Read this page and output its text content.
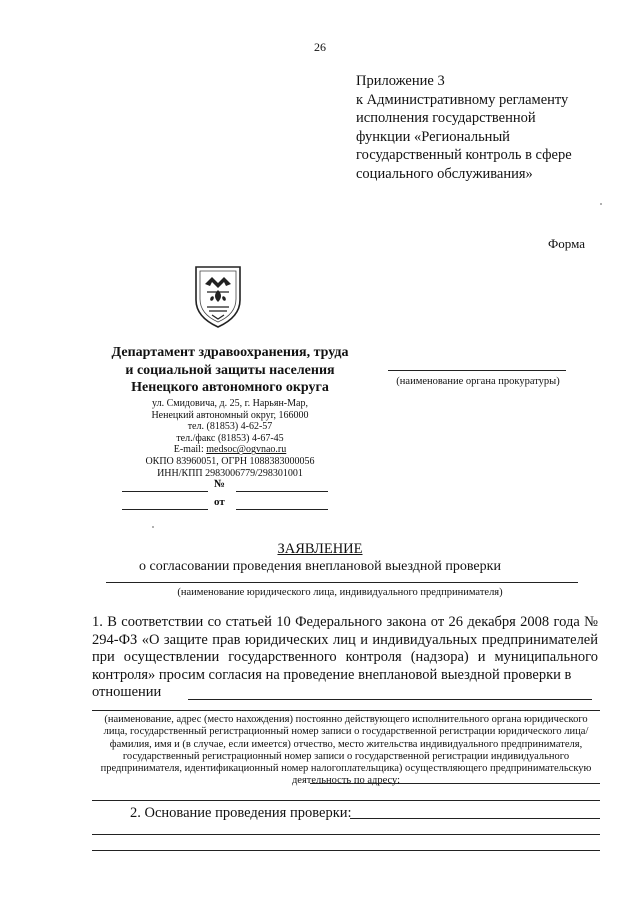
26
Приложение 3
к Административному регламенту
исполнения государственной
функции «Региональный
государственный контроль в сфере
социального обслуживания»
Форма
Департамент здравоохранения, труда
и социальной защиты населения
Ненецкого автономного округа
ул. Смидовича, д. 25, г. Нарьян-Мар,
Ненецкий автономный округ, 166000
тел. (81853) 4-62-57
тел./факс (81853) 4-67-45
E-mail: medsoc@ogvnao.ru
ОКПО 83960051, ОГРН 1088383000056
ИНН/КПП 2983006779/298301001
№
от
(наименование органа прокуратуры)
ЗАЯВЛЕНИЕ
о согласовании проведения внеплановой выездной проверки
(наименование юридического лица, индивидуального предпринимателя)
1. В соответствии со статьей 10 Федерального закона от 26 декабря 2008 года № 294-ФЗ «О защите прав юридических лиц и индивидуальных предпринимателей при осуществлении государственного контроля (надзора) и муниципального контроля» просим согласия на проведение внеплановой выездной проверки в
отношении
(наименование, адрес (место нахождения) постоянно действующего исполнительного органа юридического лица, государственный регистрационный номер записи о государственной регистрации юридического лица/фамилия, имя и (в случае, если имеется) отчество, место жительства индивидуального предпринимателя, государственный регистрационный номер записи о государственной регистрации индивидуального предпринимателя, идентификационный номер налогоплательщика) осуществляющего предпринимательскую деятельность по адресу:
2. Основание проведения проверки:
